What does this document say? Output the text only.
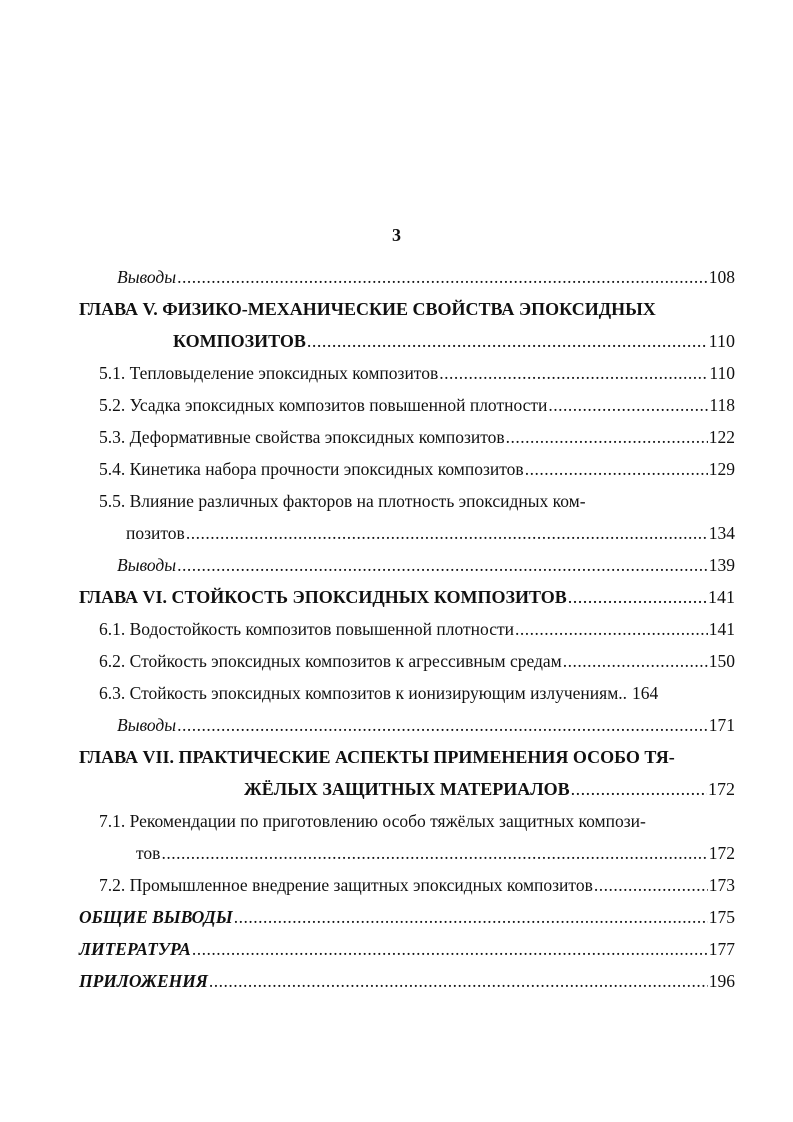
3
Выводы .....	108
ГЛАВА V. ФИЗИКО-МЕХАНИЧЕСКИЕ СВОЙСТВА ЭПОКСИДНЫХ
КОМПОЗИТОВ .....	110
5.1. Тепловыделение эпоксидных композитов .....	110
5.2. Усадка эпоксидных композитов повышенной плотности .....	118
5.3. Деформативные свойства эпоксидных композитов .....	122
5.4. Кинетика набора прочности эпоксидных композитов .....	129
5.5. Влияние различных факторов на плотность эпоксидных ком-
позитов .....	134
Выводы .....	139
ГЛАВА VI. СТОЙКОСТЬ ЭПОКСИДНЫХ КОМПОЗИТОВ .....	141
6.1. Водостойкость композитов повышенной плотности .....	141
6.2. Стойкость эпоксидных композитов к агрессивным средам .....	150
6.3. Стойкость эпоксидных композитов к ионизирующим излучениям.. 164
Выводы .....	171
ГЛАВА VII. ПРАКТИЧЕСКИЕ АСПЕКТЫ ПРИМЕНЕНИЯ ОСОБО ТЯ-
ЖЁЛЫХ ЗАЩИТНЫХ МАТЕРИАЛОВ .....	172
7.1. Рекомендации по приготовлению особо тяжёлых защитных компози-
тов .....	172
7.2. Промышленное внедрение защитных эпоксидных композитов .....	173
ОБЩИЕ ВЫВОДЫ .....	175
ЛИТЕРАТУРА .....	177
ПРИЛОЖЕНИЯ .....	196
